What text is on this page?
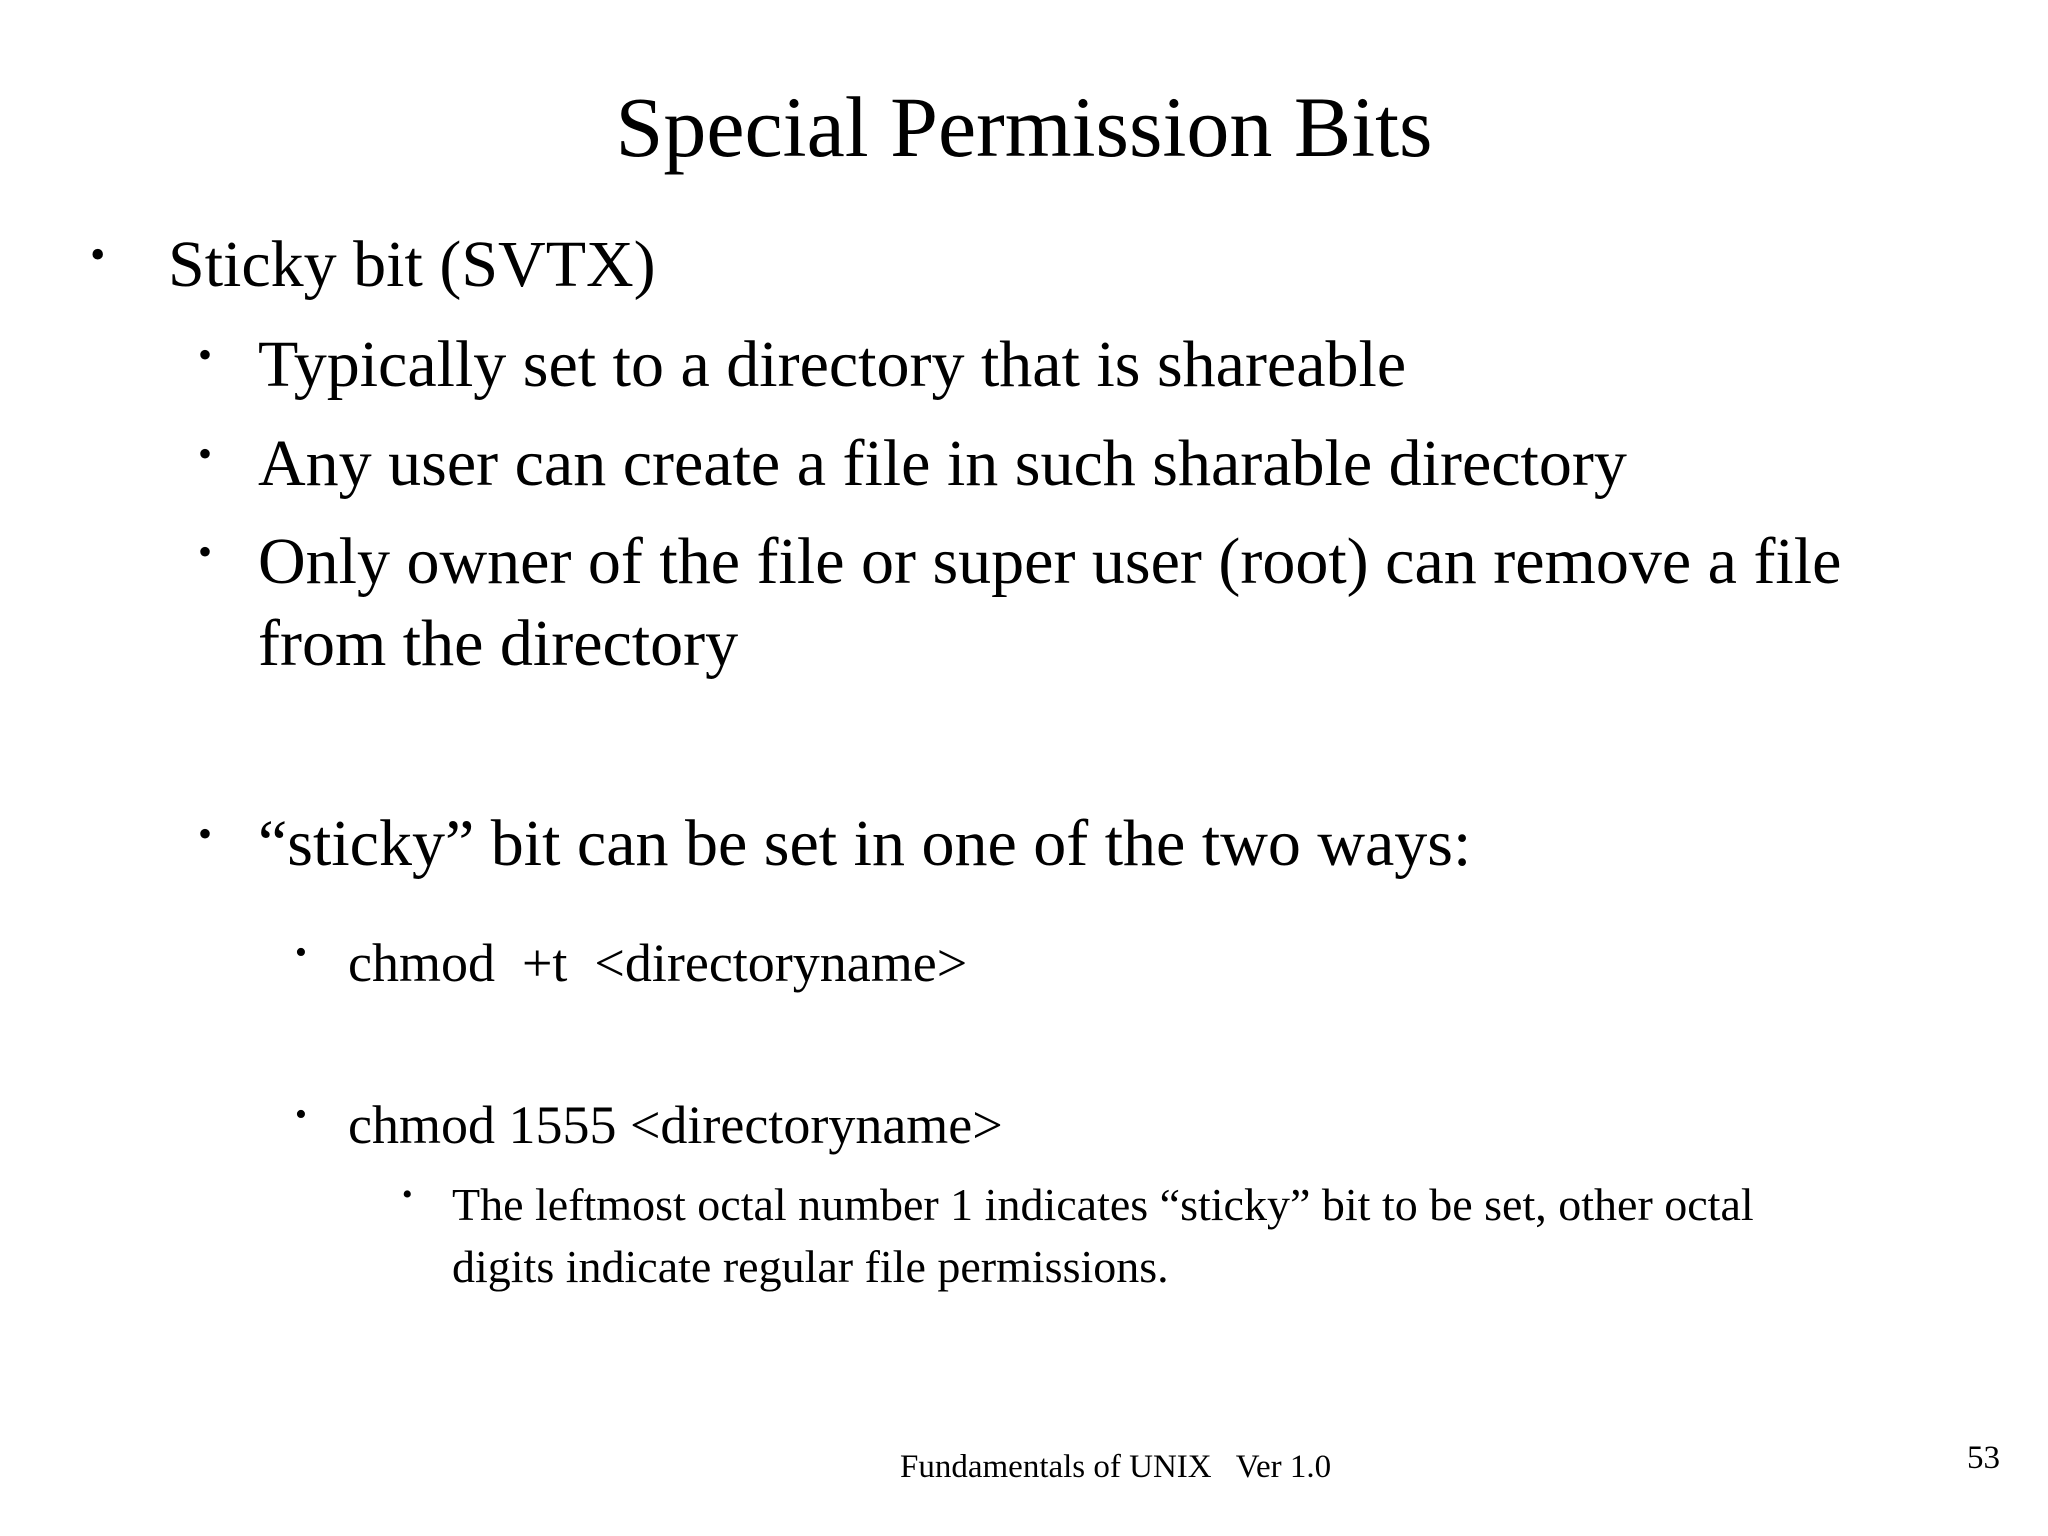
Special Permission Bits
• Sticky bit (SVTX)
• Typically set to a directory that is shareable
• Any user can create a file in such sharable directory
• Only owner of the file or super user (root) can remove a file
from the directory
• “sticky” bit can be set in one of the two ways:
• chmod  +t  <directoryname>
• chmod 1555 <directoryname>
• The leftmost octal number 1 indicates “sticky” bit to be set, other octal
digits indicate regular file permissions.
Fundamentals of UNIX   Ver 1.0	53
